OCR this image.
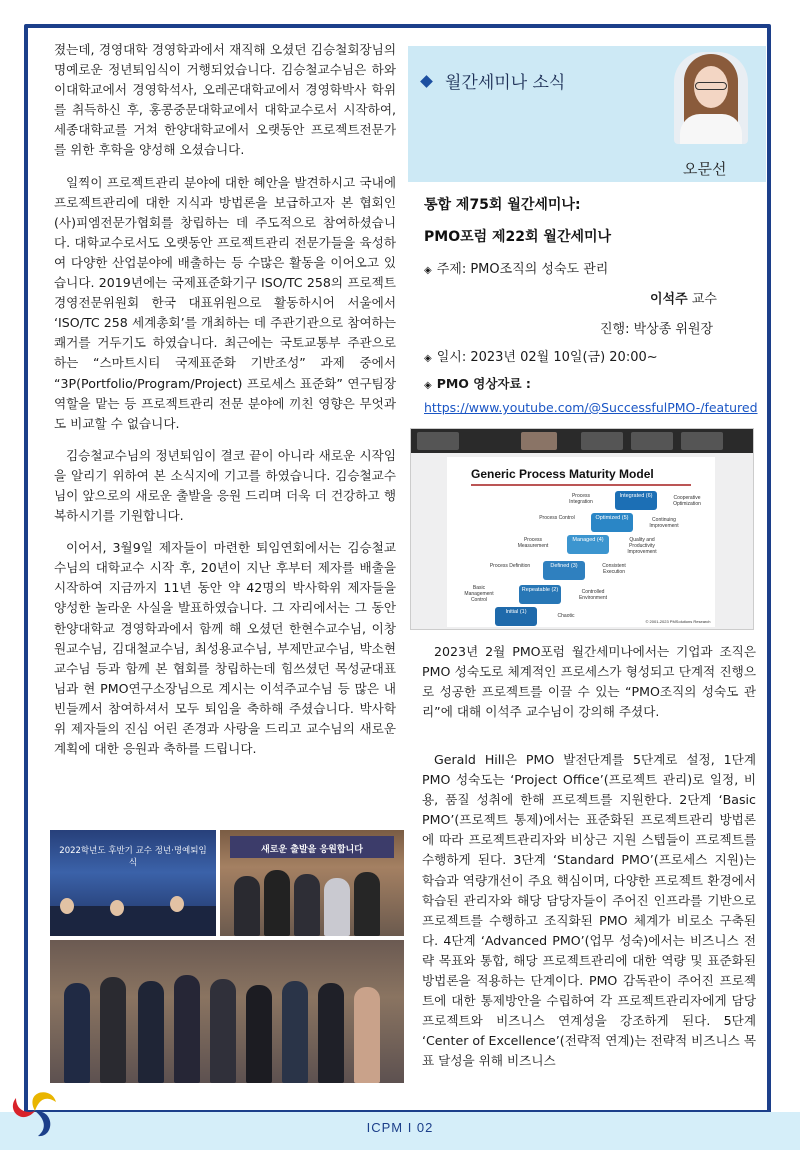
ICPM I 02

졌는데, 경영대학 경영학과에서 재직해 오셨던 김승철회장님의 명예로운 정년퇴임식이 거행되었습니다. 김승철교수님은 하와이대학교에서 경영학석사, 오레곤대학교에서 경영학박사 학위를 취득하신 후, 홍콩중문대학교에서 대학교수로서 시작하여, 세종대학교를 거쳐 한양대학교에서 오랫동안 프로젝트전문가를 위한 후학을 양성해 오셨습니다.

일찍이 프로젝트관리 분야에 대한 혜안을 발견하시고 국내에 프로젝트관리에 대한 지식과 방법론을 보급하고자 본 협회인 (사)피엠전문가협회를 창립하는 데 주도적으로 참여하셨습니다. 대학교수로서도 오랫동안 프로젝트관리 전문가들을 육성하여 다양한 산업분야에 배출하는 등 수많은 활동을 이어오고 있습니다. 2019년에는 국제표준화기구 ISO/TC 258의 프로젝트경영전문위원회 한국 대표위원으로 활동하시어 서울에서 ‘ISO/TC 258 세계총회’를 개최하는 데 주관기관으로 참여하는 쾌거를 거두기도 하였습니다. 최근에는 국토교통부 주관으로 하는 “스마트시티 국제표준화 기반조성” 과제 중에서 “3P(Portfolio/Program/Project) 프로세스 표준화” 연구팀장 역할을 맡는 등 프로젝트관리 전문 분야에 끼친 영향은 무엇과도 비교할 수 없습니다.

김승철교수님의 정년퇴임이 결코 끝이 아니라 새로운 시작임을 알리기 위하여 본 소식지에 기고를 하였습니다. 김승철교수님이 앞으로의 새로운 출발을 응원 드리며 더욱 더 건강하고 행복하시기를 기원합니다.

이어서, 3월9일 제자들이 마련한 퇴임연회에서는 김승철교수님의 대학교수 시작 후, 20년이 지난 후부터 제자를 배출을 시작하여 지금까지 11년 동안 약 42명의 박사학위 제자들을 양성한 놀라운 사실을 발표하였습니다. 그 자리에서는 그 동안 한양대학교 경영학과에서 함께 해 오셨던 한현수교수님, 이창원교수님, 김대철교수님, 최성용교수님, 부제만교수님, 박소현교수님 등과 함께 본 협회를 창립하는데 힘쓰셨던 목성균대표님과 현 PMO연구소장님으로 계시는 이석주교수님 등 많은 내빈들께서 참여하셔서 모두 퇴임을 축하해 주셨습니다. 박사학위 제자들의 진심 어린 존경과 사랑을 드리고 교수님의 새로운 계획에 대한 응원과 축하를 드립니다.

2022학년도 후반기 교수 정년·명예퇴임식
새로운 출발을 응원합니다
월간세미나 소식
오문선
통합 제75회 월간세미나:
PMO포럼 제22회 월간세미나
◈ 주제: PMO조직의 성숙도 관리
이석주 교수
진행: 박상종 위원장
◈ 일시: 2023년 02월 10일(금) 20:00~
◈ PMO 영상자료 :
https://www.youtube.com/@SuccessfulPMO-/featured
Generic Process Maturity Model
Integrated (6)
Optimized (5)
Managed (4)
Defined (3)
Repeatable (2)
Initial (1)
Process Integration
Cooperative Optimization
Process Control	Continuing Improvement
Process Measurement
Quality and Productivity Improvement
Process Definition	Consistent Execution
Basic Management Control
Controlled Environment
Chaotic
© 2001-2023 PMSolutions Research
2023년 2월 PMO포럼 월간세미나에서는 기업과 조직은 PMO 성숙도로 체계적인 프로세스가 형성되고 단계적 진행으로 성공한 프로젝트를 이끌 수 있는 “PMO조직의 성숙도 관리”에 대해 이석주 교수님이 강의해 주셨다.
Gerald Hill은 PMO 발전단계를 5단계로 설정, 1단계 PMO 성숙도는 ‘Project Office’(프로젝트 관리)로 일정, 비용, 품질 성취에 한해 프로젝트를 지원한다. 2단계 ‘Basic PMO’(프로젝트 통제)에서는 표준화된 프로젝트관리 방법론에 따라 프로젝트관리자와 비상근 지원 스텝들이 프로젝트를 수행하게 된다. 3단계 ‘Standard PMO’(프로세스 지원)는 학습과 역량개선이 주요 핵심이며, 다양한 프로젝트 환경에서 학습된 관리자와 해당 담당자들이 주어진 인프라를 기반으로 프로젝트를 수행하고 조직화된 PMO 체계가 비로소 구축된다. 4단계 ‘Advanced PMO’(업무 성숙)에서는 비즈니스 전략 목표와 통합, 해당 프로젝트관리에 대한 역량 및 표준화된 방법론을 적용하는 단계이다. PMO 감독관이 주어진 프로젝트에 대한 통제방안을 수립하여 각 프로젝트관리자에게 담당 프로젝트와 비즈니스 연계성을 강조하게 된다. 5단계 ‘Center of Excellence’(전략적 연계)는 전략적 비즈니스 목표 달성을 위해 비즈니스
